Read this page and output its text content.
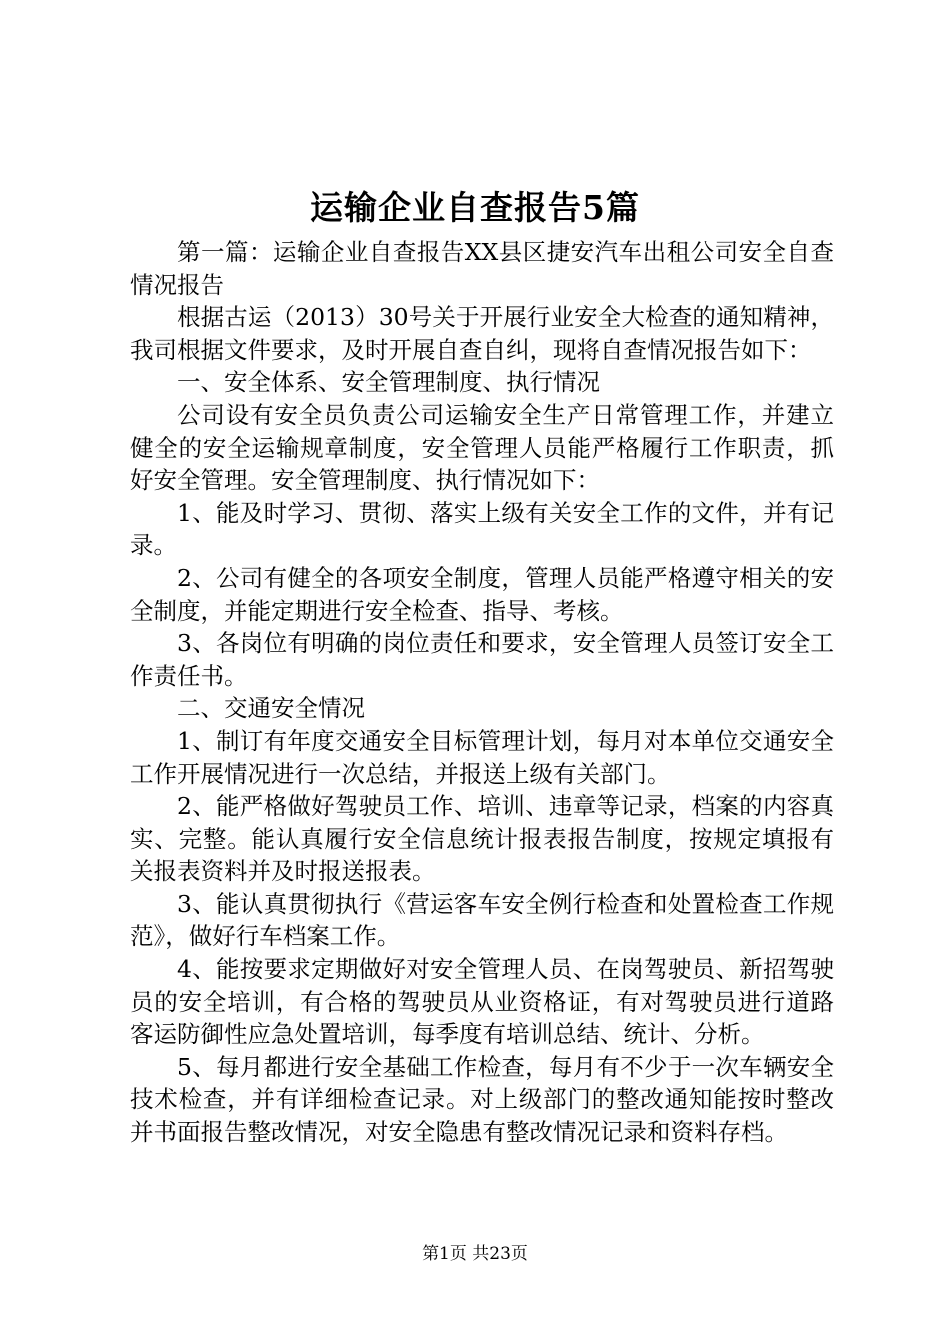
运输企业自查报告5篇

第一篇：运输企业自查报告XX县区捷安汽车出租公司安全自查情况报告

根据古运（2013）30号关于开展行业安全大检查的通知精神，我司根据文件要求，及时开展自查自纠，现将自查情况报告如下：

一、安全体系、安全管理制度、执行情况

公司设有安全员负责公司运输安全生产日常管理工作，并建立健全的安全运输规章制度，安全管理人员能严格履行工作职责，抓好安全管理。安全管理制度、执行情况如下：

1、能及时学习、贯彻、落实上级有关安全工作的文件，并有记录。

2、公司有健全的各项安全制度，管理人员能严格遵守相关的安全制度，并能定期进行安全检查、指导、考核。

3、各岗位有明确的岗位责任和要求，安全管理人员签订安全工作责任书。

二、交通安全情况

1、制订有年度交通安全目标管理计划，每月对本单位交通安全工作开展情况进行一次总结，并报送上级有关部门。

2、能严格做好驾驶员工作、培训、违章等记录，档案的内容真实、完整。能认真履行安全信息统计报表报告制度，按规定填报有关报表资料并及时报送报表。

3、能认真贯彻执行《营运客车安全例行检查和处置检查工作规范》，做好行车档案工作。

4、能按要求定期做好对安全管理人员、在岗驾驶员、新招驾驶员的安全培训，有合格的驾驶员从业资格证，有对驾驶员进行道路客运防御性应急处置培训，每季度有培训总结、统计、分析。

5、每月都进行安全基础工作检查，每月有不少于一次车辆安全技术检查，并有详细检查记录。对上级部门的整改通知能按时整改并书面报告整改情况，对安全隐患有整改情况记录和资料存档。

第1页 共23页
